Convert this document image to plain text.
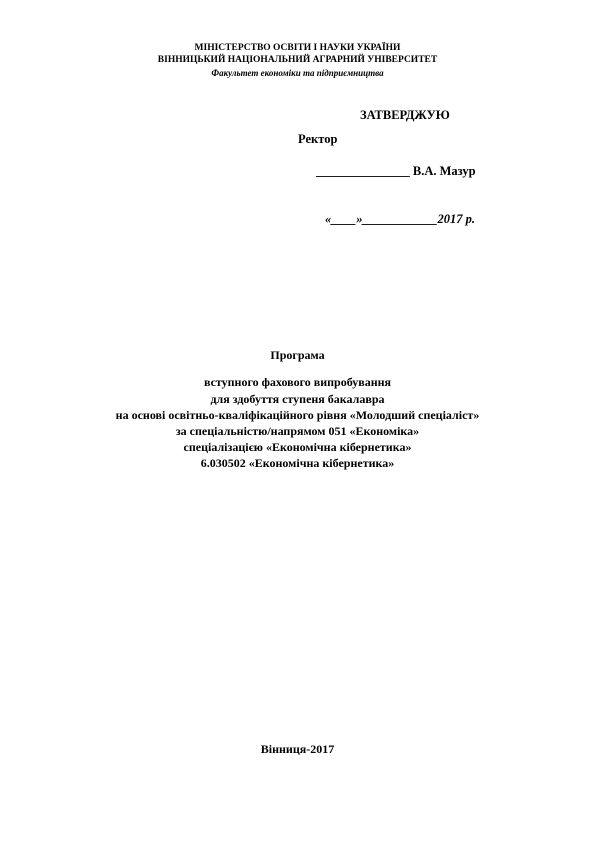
МІНІСТЕРСТВО ОСВІТИ І НАУКИ УКРАЇНИ
ВІННИЦЬКИЙ НАЦІОНАЛЬНИЙ АГРАРНИЙ УНІВЕРСИТЕТ
Факультет економіки та підприємництва
ЗАТВЕРДЖУЮ
Ректор
_______________ В.А. Мазур
«____»____________2017 р.
Програма
вступного фахового випробування
для здобуття ступеня бакалавра
на основі освітньо-кваліфікаційного рівня «Молодший спеціаліст»
за спеціальністю/напрямом 051 «Економіка»
спеціалізацією «Економічна кібернетика»
6.030502 «Економічна кібернетика»
Вінниця-2017
